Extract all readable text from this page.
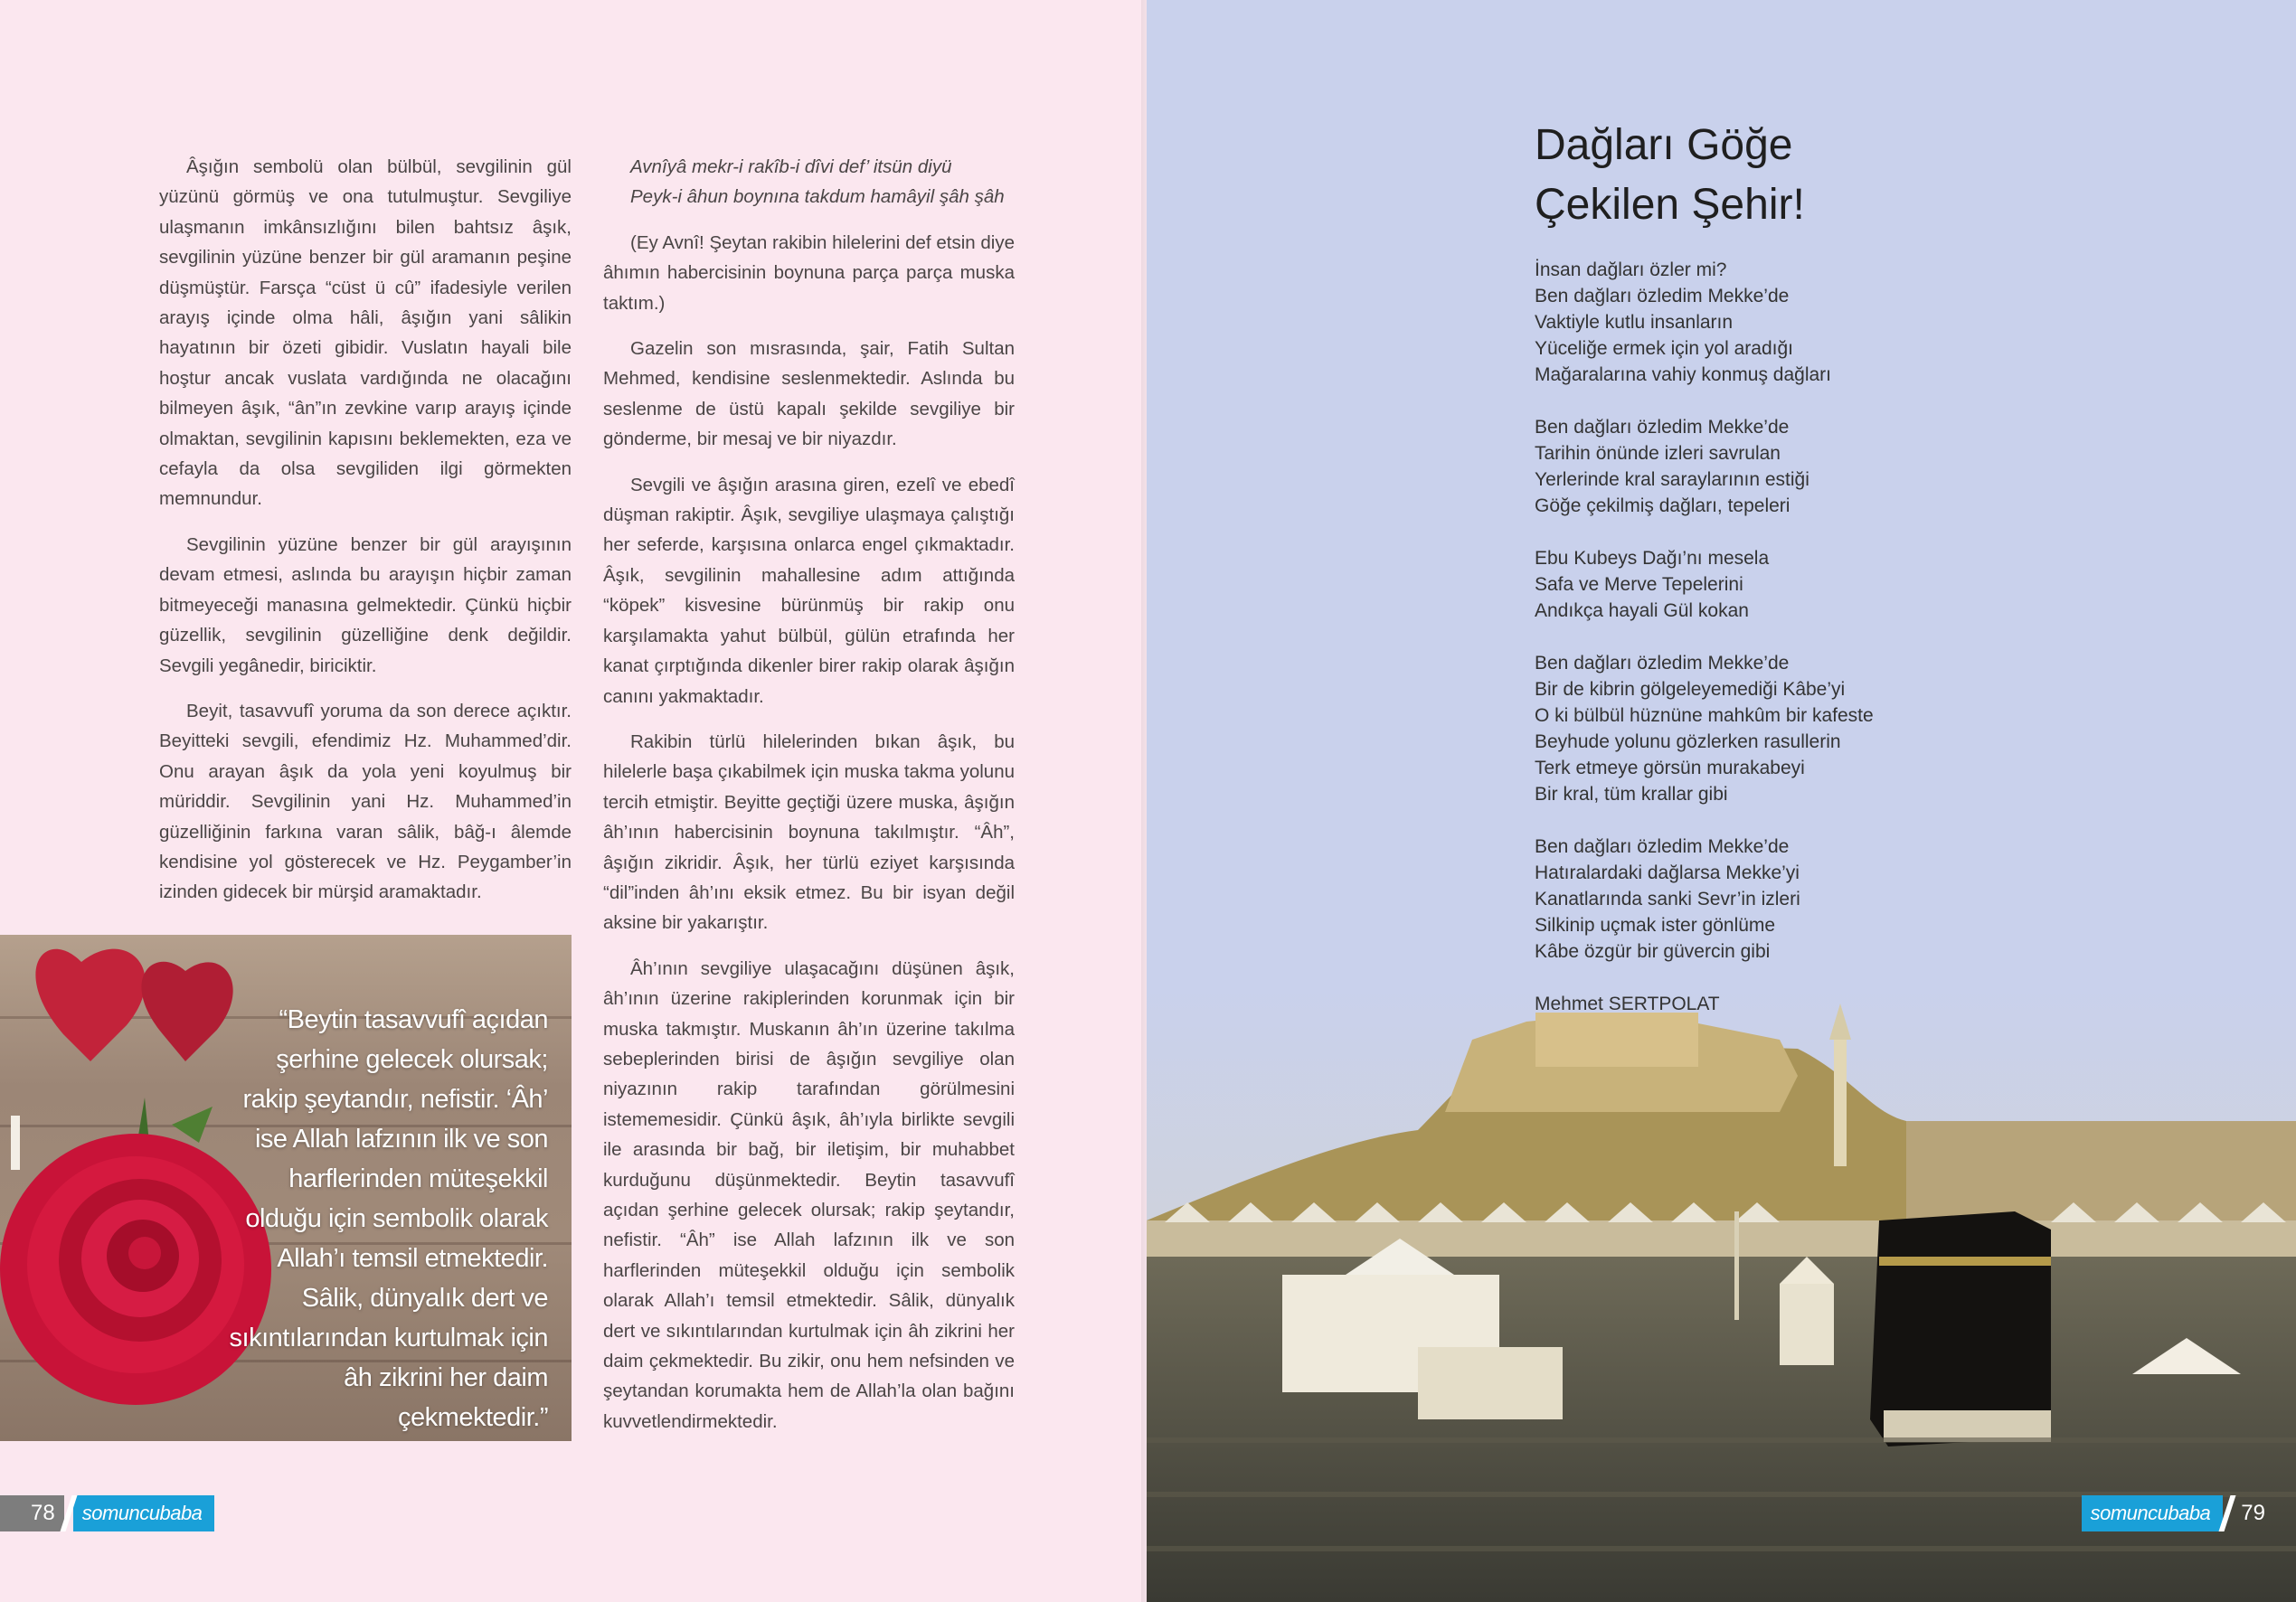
Âşığın sembolü olan bülbül, sevgilinin gül yüzünü görmüş ve ona tutulmuştur. Sevgiliye ulaşmanın imkânsızlığını bilen bahtsız âşık, sevgilinin yüzüne benzer bir gül aramanın peşine düşmüştür. Farsça “cüst ü cû” ifadesiyle verilen arayış içinde olma hâli, âşığın yani sâlikin hayatının bir özeti gibidir. Vuslatın hayali bile hoştur ancak vuslata vardığında ne olacağını bilmeyen âşık, “ân”ın zevkine varıp arayış içinde olmaktan, sevgilinin kapısını beklemekten, eza ve cefayla da olsa sevgiliden ilgi görmekten memnundur.

Sevgilinin yüzüne benzer bir gül arayışının devam etmesi, aslında bu arayışın hiçbir zaman bitmeyeceği manasına gelmektedir. Çünkü hiçbir güzellik, sevgilinin güzelliğine denk değildir. Sevgili yegânedir, biriciktir.

Beyit, tasavvufî yoruma da son derece açıktır. Beyitteki sevgili, efendimiz Hz. Muhammed’dir. Onu arayan âşık da yola yeni koyulmuş bir müriddir. Sevgilinin yani Hz. Muhammed’in güzelliğinin farkına varan sâlik, bâğ-ı âlemde kendisine yol gösterecek ve Hz. Peygamber’in izinden gidecek bir mürşid aramaktadır.

Avnîyâ mekr-i rakîb-i dîvi def’ itsün diyü

Peyk-i âhun boynına takdum hamâyil şâh şâh

(Ey Avnî! Şeytan rakibin hilelerini def etsin diye âhımın habercisinin boynuna parça parça muska taktım.)

Gazelin son mısrasında, şair, Fatih Sultan Mehmed, kendisine seslenmektedir. Aslında bu seslenme de üstü kapalı şekilde sevgiliye bir gönderme, bir mesaj ve bir niyazdır.

Sevgili ve âşığın arasına giren, ezelî ve ebedî düşman rakiptir. Âşık, sevgiliye ulaşmaya çalıştığı her seferde, karşısına onlarca engel çıkmaktadır. Âşık, sevgilinin mahallesine adım attığında “köpek” kisvesine bürünmüş bir rakip onu karşılamakta yahut bülbül, gülün etrafında her kanat çırptığında dikenler birer rakip olarak âşığın canını yakmaktadır.

Rakibin türlü hilelerinden bıkan âşık, bu hilelerle başa çıkabilmek için muska takma yolunu tercih etmiştir. Beyitte geçtiği üzere muska, âşığın âh’ının habercisinin boynuna takılmıştır. “Âh”, âşığın zikridir. Âşık, her türlü eziyet karşısında “dil”inden âh’ını eksik etmez. Bu bir isyan değil aksine bir yakarıştır.

Âh’ının sevgiliye ulaşacağını düşünen âşık, âh’ının üzerine rakiplerinden korunmak için bir muska takmıştır. Muskanın âh’ın üzerine takılma sebeplerinden birisi de âşığın sevgiliye olan niyazının rakip tarafından görülmesini istememesidir. Çünkü âşık, âh’ıyla birlikte sevgili ile arasında bir bağ, bir iletişim, bir muhabbet kurduğunu düşünmektedir. Beytin tasavvufî açıdan şerhine gelecek olursak; rakip şeytandır, nefistir. “Âh” ise Allah lafzının ilk ve son harflerinden müteşekkil olduğu için sembolik olarak Allah’ı temsil etmektedir. Sâlik, dünyalık dert ve sıkıntılarından kurtulmak için âh zikrini her daim çekmektedir. Bu zikir, onu hem nefsinden ve şeytandan korumakta hem de Allah’la olan bağını kuvvetlendirmektedir.

“Beytin tasavvufî açıdan şerhine gelecek olursak; rakip şeytandır, nefistir. ‘Âh’ ise Allah lafzının ilk ve son harflerinden müteşekkil olduğu için sembolik olarak Allah’ı temsil etmektedir. Sâlik, dünyalık dert ve sıkıntılarından kurtulmak için âh zikrini her daim çekmektedir.”
78	somuncubaba
Dağları Göğe
Çekilen Şehir!
İnsan dağları özler mi?
Ben dağları özledim Mekke’de
Vaktiyle kutlu insanların
Yüceliğe ermek için yol aradığı
Mağaralarına vahiy konmuş dağları
Ben dağları özledim Mekke’de
Tarihin önünde izleri savrulan
Yerlerinde kral saraylarının estiği
Göğe çekilmiş dağları, tepeleri
Ebu Kubeys Dağı’nı mesela
Safa ve Merve Tepelerini
Andıkça hayali Gül kokan
Ben dağları özledim Mekke’de
Bir de kibrin gölgeleyemediği Kâbe’yi
O ki bülbül hüznüne mahkûm bir kafeste
Beyhude yolunu gözlerken rasullerin
Terk etmeye görsün murakabeyi
Bir kral, tüm krallar gibi
Ben dağları özledim Mekke’de
Hatıralardaki dağlarsa Mekke’yi
Kanatlarında sanki Sevr’in izleri
Silkinip uçmak ister gönlüme
Kâbe özgür bir güvercin gibi

Mehmet SERTPOLAT

somuncubaba	79
